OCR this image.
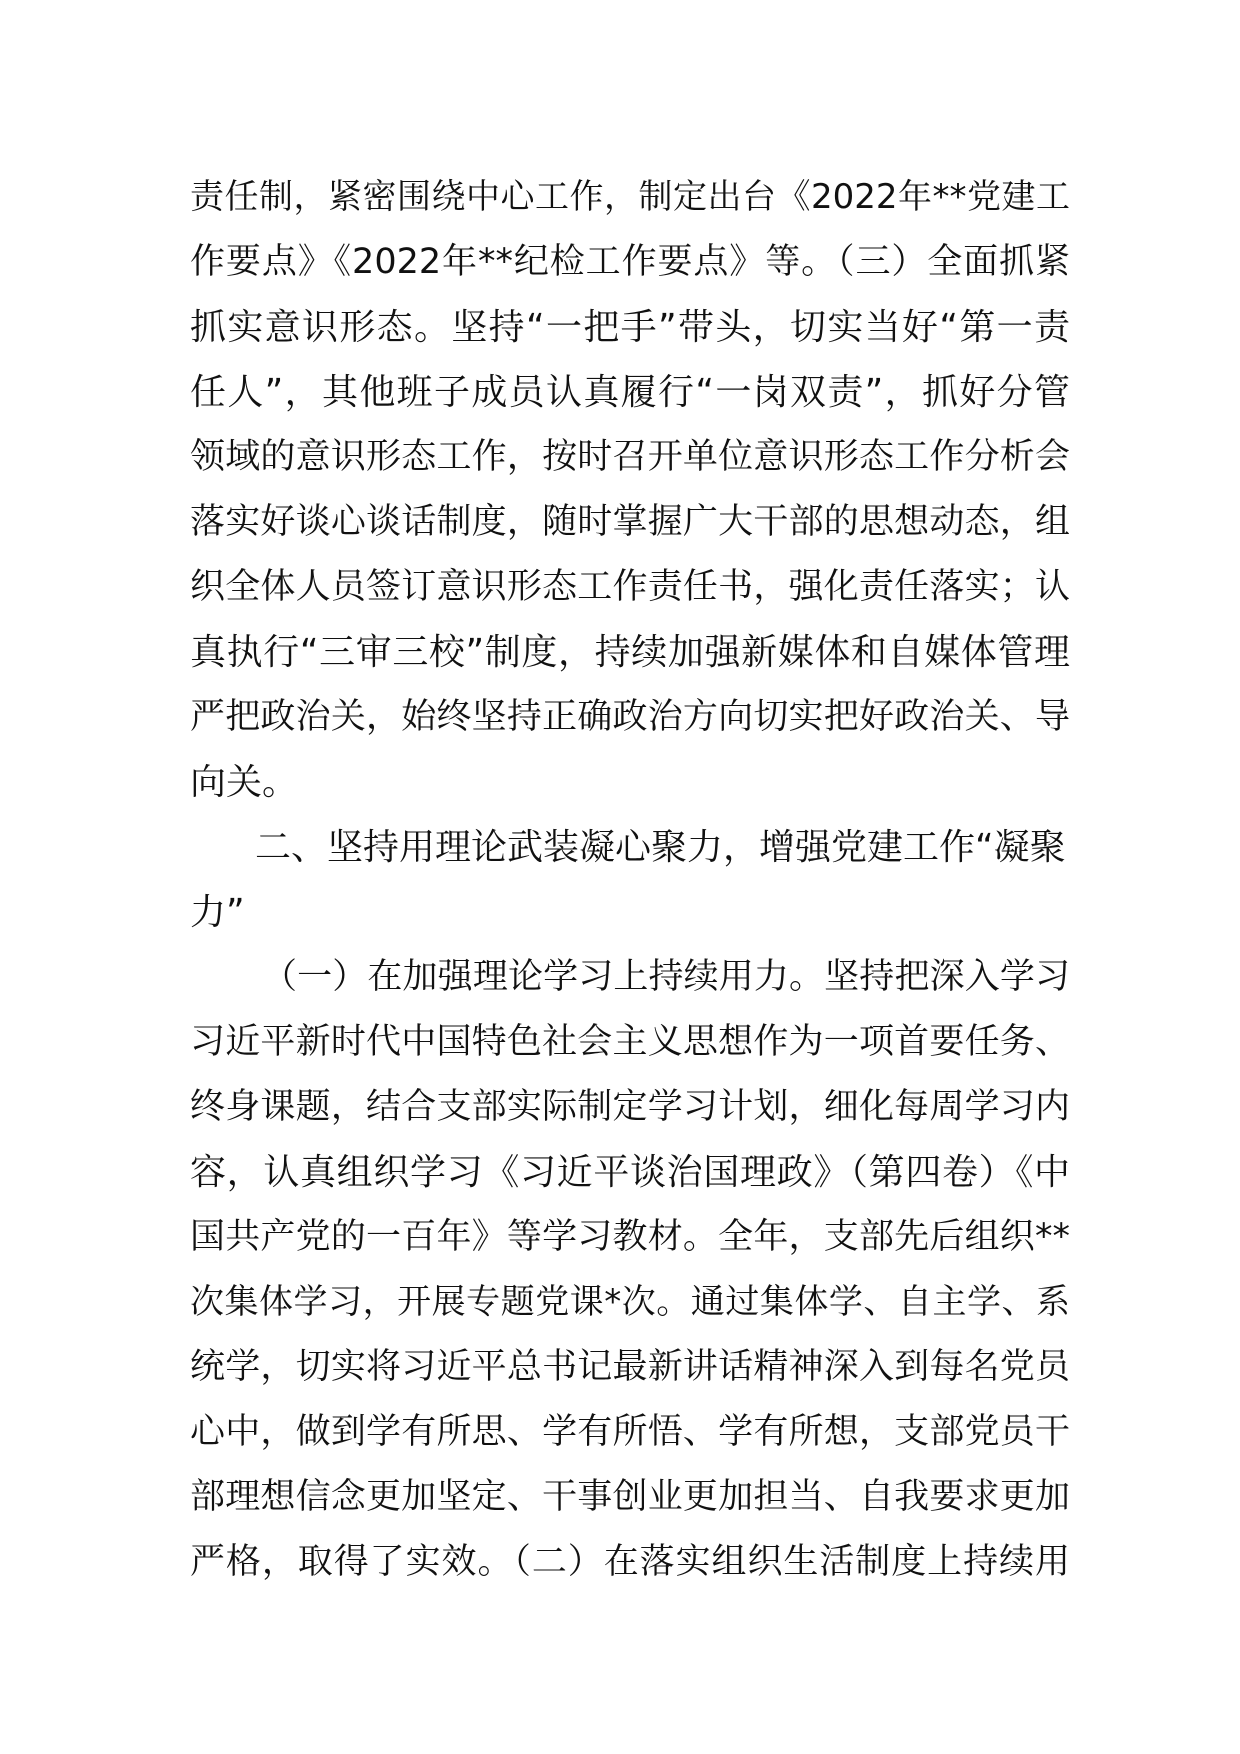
责任制，紧密围绕中心工作，制定出台《2022年**党建工
作要点》《2022年**纪检工作要点》等。（三）全面抓紧
抓实意识形态。坚持“一把手”带头，切实当好“第一责
任人”，其他班子成员认真履行“一岗双责”，抓好分管
领域的意识形态工作，按时召开单位意识形态工作分析会
落实好谈心谈话制度，随时掌握广大干部的思想动态，组
织全体人员签订意识形态工作责任书，强化责任落实；认
真执行“三审三校”制度，持续加强新媒体和自媒体管理
严把政治关，始终坚持正确政治方向切实把好政治关、导
向关。
二、坚持用理论武装凝心聚力，增强党建工作“凝聚
力”
（一）在加强理论学习上持续用力。坚持把深入学习
习近平新时代中国特色社会主义思想作为一项首要任务、
终身课题，结合支部实际制定学习计划，细化每周学习内
容，认真组织学习《习近平谈治国理政》（第四卷）《中
国共产党的一百年》等学习教材。全年，支部先后组织**
次集体学习，开展专题党课*次。通过集体学、自主学、系
统学，切实将习近平总书记最新讲话精神深入到每名党员
心中，做到学有所思、学有所悟、学有所想，支部党员干
部理想信念更加坚定、干事创业更加担当、自我要求更加
严格，取得了实效。（二）在落实组织生活制度上持续用
